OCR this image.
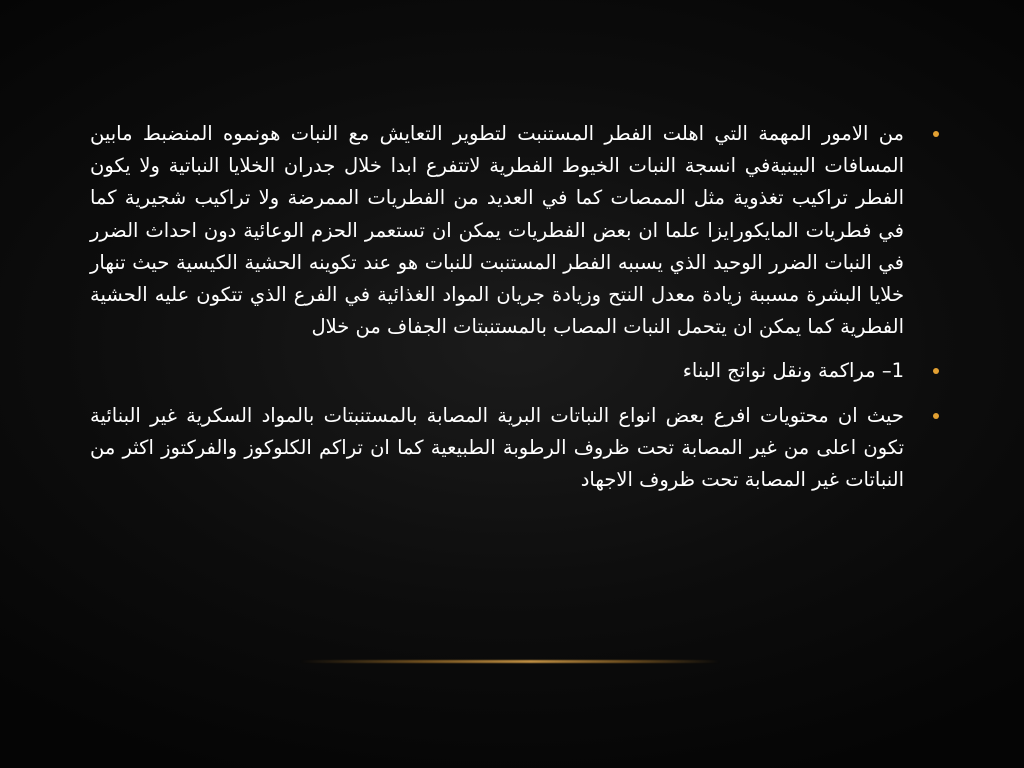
من الامور المهمة التي اهلت الفطر المستنبت لتطوير التعايش مع النبات هونموه المنضبط مابين المسافات البينيةفي انسجة النبات الخيوط الفطرية لاتتفرع ابدا خلال جدران الخلايا النباتية ولا يكون الفطر تراكيب تغذوية مثل الممصات كما في العديد من الفطريات الممرضة ولا تراكيب شجيرية كما في فطريات المايكورايزا علما ان بعض الفطريات يمكن ان تستعمر الحزم الوعائية دون احداث الضرر في النبات الضرر الوحيد الذي يسببه الفطر المستنبت للنبات هو عند تكوينه الحشية الكيسية حيث تنهار خلايا البشرة مسببة زيادة معدل النتح وزيادة جريان المواد الغذائية في الفرع الذي تتكون عليه الحشية الفطرية كما يمكن ان يتحمل النبات المصاب بالمستنبتات الجفاف من خلال
1– مراكمة ونقل نواتج البناء
حيث ان محتويات افرع بعض انواع النباتات البرية المصابة بالمستنبتات بالمواد السكرية غير البنائية تكون اعلى من غير المصابة تحت ظروف الرطوبة الطبيعية كما ان تراكم الكلوكوز والفركتوز اكثر من النباتات غير المصابة تحت ظروف الاجهاد
